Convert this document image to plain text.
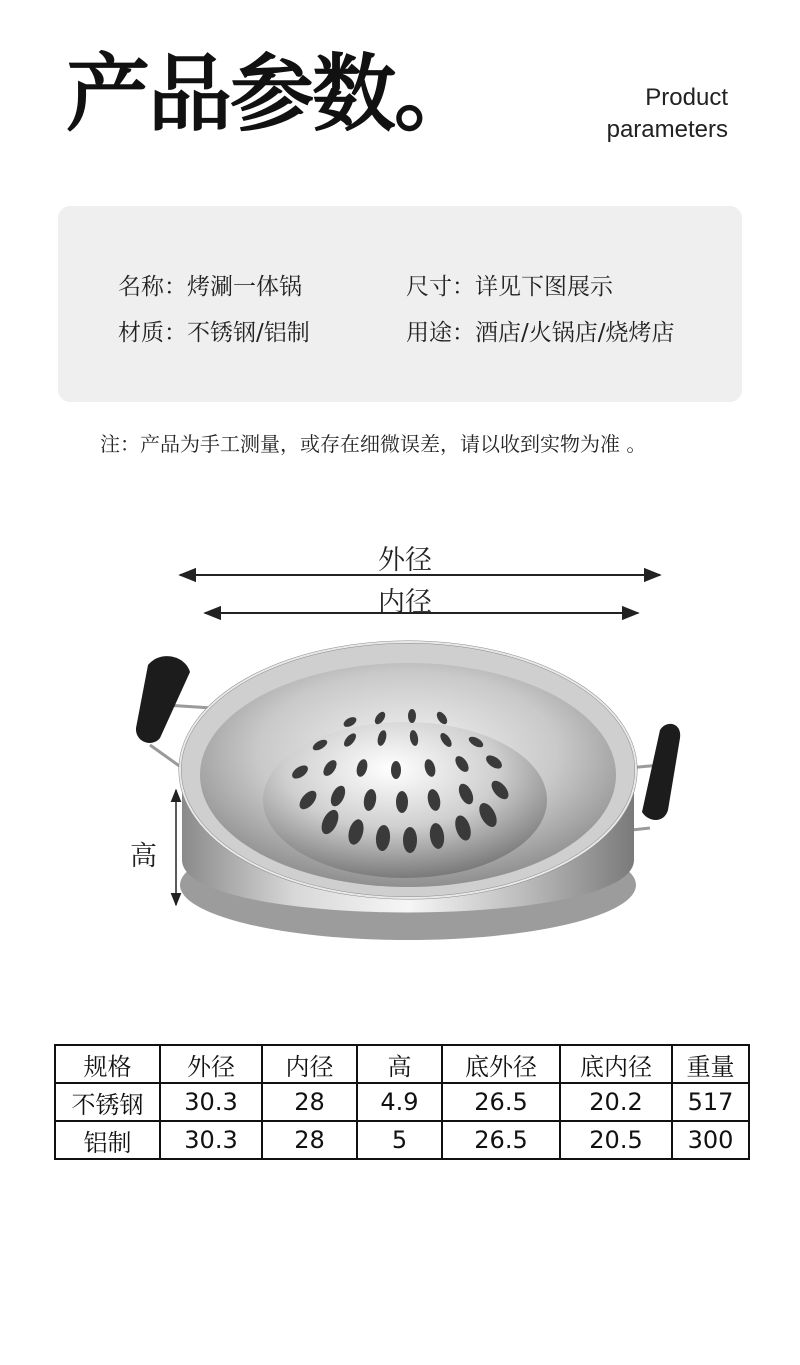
产品参数。	Product
parameters
名称：烤涮一体锅	尺寸：详见下图展示
材质：不锈钢/铝制	用途：酒店/火锅店/烧烤店
注：产品为手工测量，或存在细微误差，请以收到实物为准 。
外径
内径
高
规格	外径	内径	高	底外径	底内径	重量
不锈钢	30.3	28	4.9	26.5	20.2	517
铝制	30.3	28	5	26.5	20.5	300
